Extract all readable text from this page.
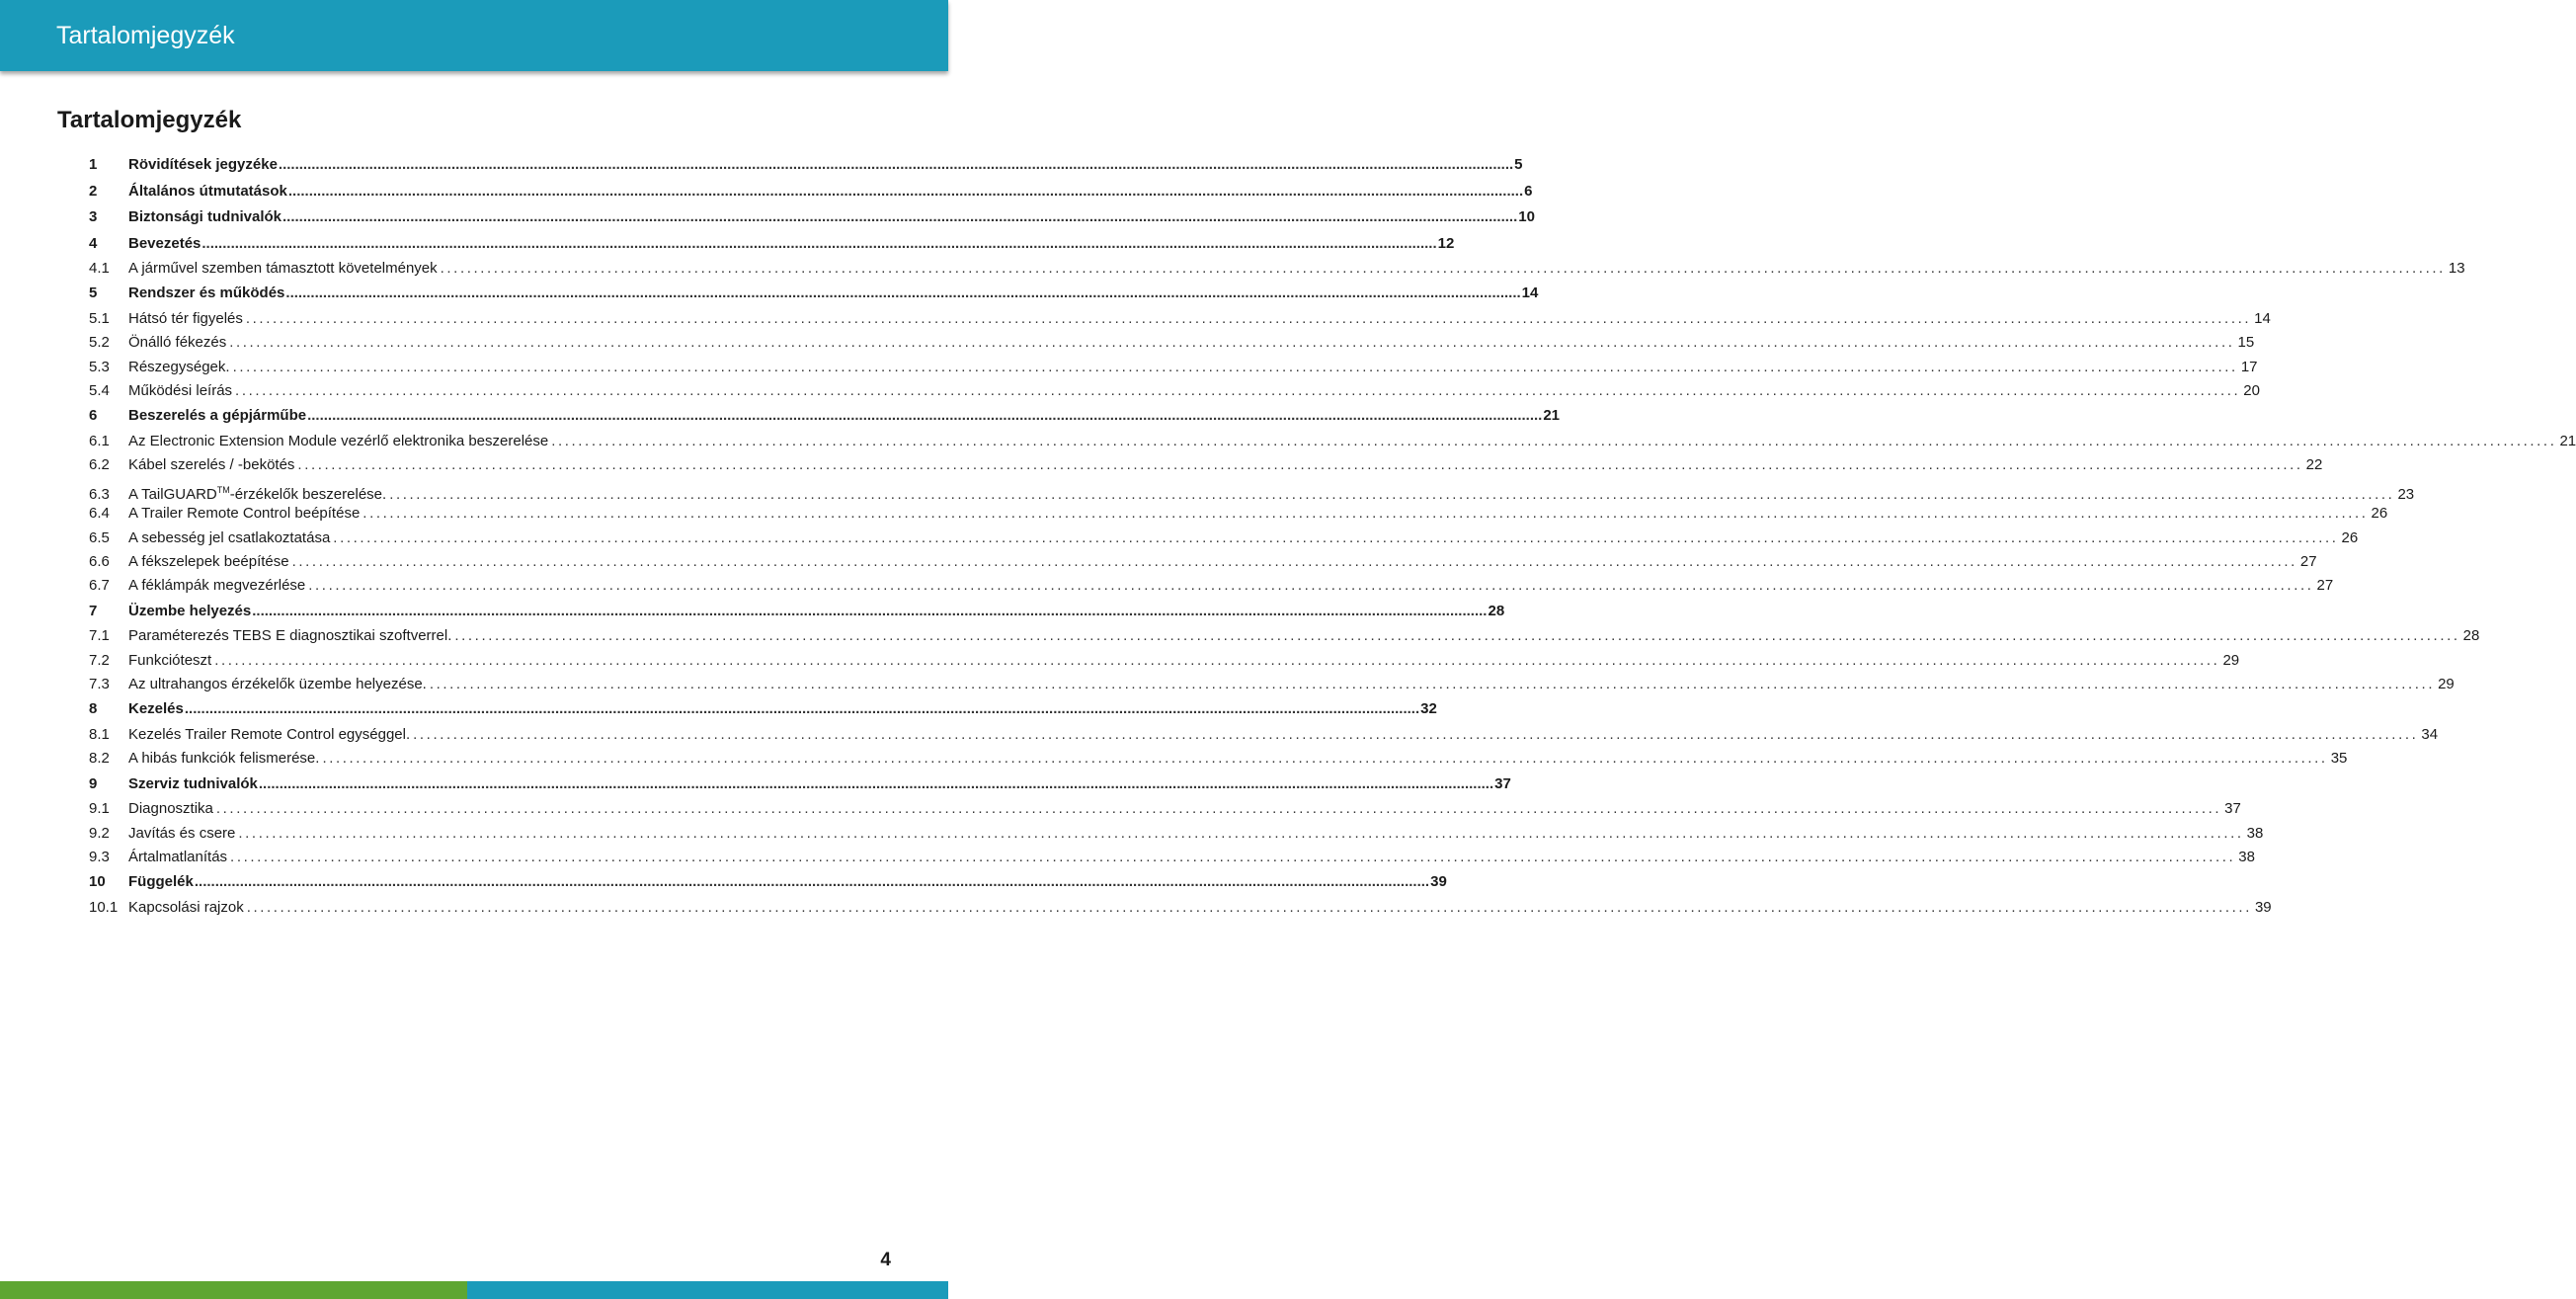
Tartalomjegyzék
Tartalomjegyzék
1	Rövidítések jegyzéke ............................................................................................................................................................................................................................................................................................................ 5
2	Általános útmutatások ............................................................................................................................................................................................................................................................................................................ 6
3	Biztonsági tudnivalók ............................................................................................................................................................................................................................................................................................................ 10
4	Bevezetés ............................................................................................................................................................................................................................................................................................................ 12
4.1	A járművel szemben támasztott követelmények ............................................................................................................................................................................................................................................................................................................ 13
5	Rendszer és működés ............................................................................................................................................................................................................................................................................................................ 14
5.1	Hátsó tér figyelés ............................................................................................................................................................................................................................................................................................................ 14
5.2	Önálló fékezés ............................................................................................................................................................................................................................................................................................................ 15
5.3	Részegységek. ............................................................................................................................................................................................................................................................................................................ 17
5.4	Működési leírás ............................................................................................................................................................................................................................................................................................................ 20
6	Beszerelés a gépjárműbe ............................................................................................................................................................................................................................................................................................................ 21
6.1	Az Electronic Extension Module vezérlő elektronika beszerelése ............................................................................................................................................................................................................................................................................................................ 21
6.2	Kábel szerelés / -bekötés ............................................................................................................................................................................................................................................................................................................ 22
6.3	A TailGUARD™-érzékelők beszerelése. ............................................................................................................................................................................................................................................................................................................ 23
6.4	A Trailer Remote Control beépítése ............................................................................................................................................................................................................................................................................................................ 26
6.5	A sebesség jel csatlakoztatása ............................................................................................................................................................................................................................................................................................................ 26
6.6	A fékszelepek beépítése ............................................................................................................................................................................................................................................................................................................ 27
6.7	A féklámpák megvezérlése ............................................................................................................................................................................................................................................................................................................ 27
7	Üzembe helyezés ............................................................................................................................................................................................................................................................................................................ 28
7.1	Paraméterezés TEBS E diagnosztikai szoftverrel. ............................................................................................................................................................................................................................................................................................................ 28
7.2	Funkcióteszt ............................................................................................................................................................................................................................................................................................................ 29
7.3	Az ultrahangos érzékelők üzembe helyezése. ............................................................................................................................................................................................................................................................................................................ 29
8	Kezelés ............................................................................................................................................................................................................................................................................................................ 32
8.1	Kezelés Trailer Remote Control egységgel. ............................................................................................................................................................................................................................................................................................................ 34
8.2	A hibás funkciók felismerése. ............................................................................................................................................................................................................................................................................................................ 35
9	Szerviz tudnivalók ............................................................................................................................................................................................................................................................................................................ 37
9.1	Diagnosztika ............................................................................................................................................................................................................................................................................................................ 37
9.2	Javítás és csere ............................................................................................................................................................................................................................................................................................................ 38
9.3	Ártalmatlanítás ............................................................................................................................................................................................................................................................................................................ 38
10	Függelék ............................................................................................................................................................................................................................................................................................................ 39
10.1 Kapcsolási rajzok ............................................................................................................................................................................................................................................................................................................ 39
4
